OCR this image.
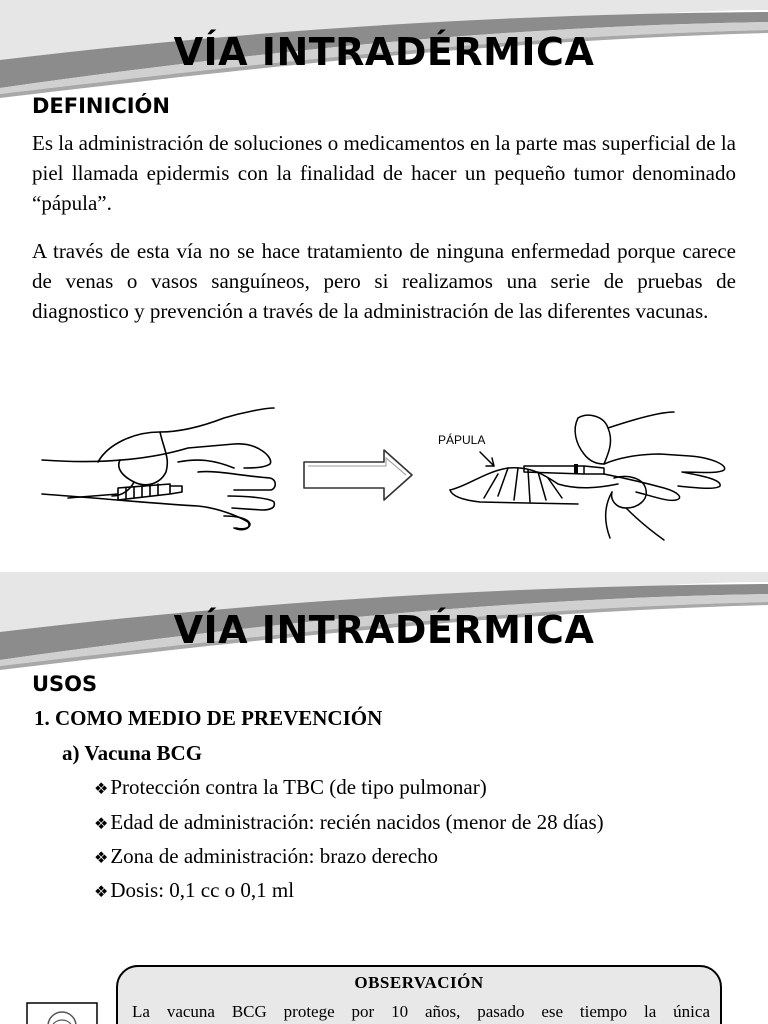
VÍA INTRADÉRMICA
DEFINICIÓN

Es la administración de soluciones o medicamentos en la parte mas superficial de la piel llamada epidermis con la finalidad de hacer un pequeño tumor denominado “pápula”.

A través de esta vía no se hace tratamiento de ninguna enfermedad porque carece de venas o vasos sanguíneos, pero si realizamos una serie de pruebas de diagnostico y prevención a través de la administración de las diferentes vacunas.

PÁPULA
VÍA INTRADÉRMICA
USOS
1. COMO MEDIO DE PREVENCIÓN
a) Vacuna BCG
❖Protección contra la TBC (de tipo pulmonar)
❖Edad de administración: recién nacidos (menor de 28 días)
❖Zona de administración: brazo derecho
❖Dosis: 0,1 cc o 0,1 ml
OBSERVACIÓN
La vacuna BCG protege por 10 años, pasado ese tiempo la única
